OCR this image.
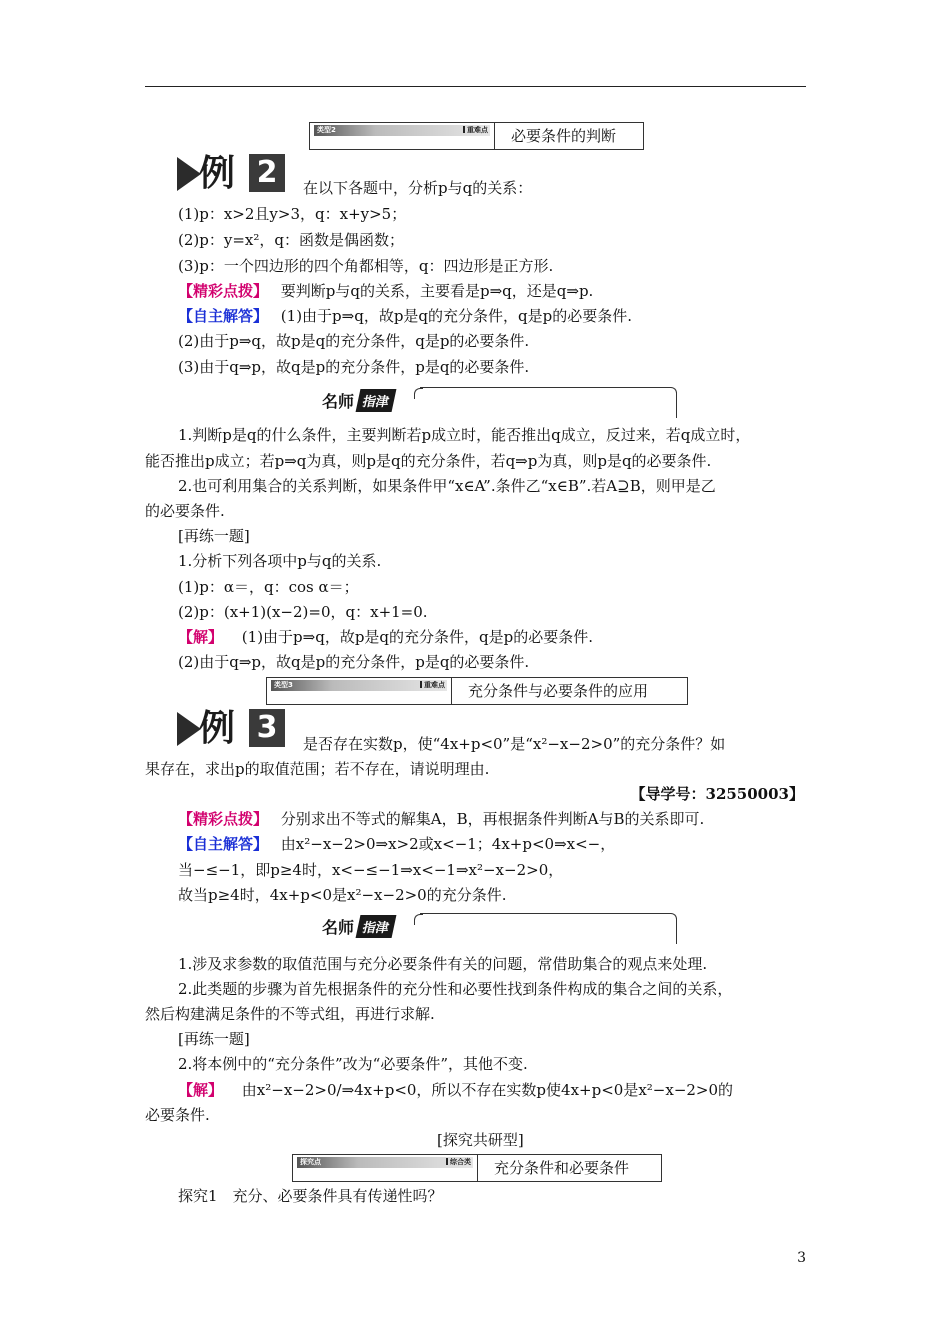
类型2	重难点	必要条件的判断
例 2	在以下各题中，分析p与q的关系：
(1)p：x>2且y>3，q：x+y>5；
(2)p：y=x²，q：函数是偶函数；
(3)p：一个四边形的四个角都相等，q：四边形是正方形.
【精彩点拨】 要判断p与q的关系，主要看是p⇒q，还是q⇒p.
【自主解答】 (1)由于p⇒q，故p是q的充分条件，q是p的必要条件.
(2)由于p⇒q，故p是q的充分条件，q是p的必要条件.
(3)由于q⇒p，故q是p的充分条件，p是q的必要条件.
名师 指津
1.判断p是q的什么条件，主要判断若p成立时，能否推出q成立，反过来，若q成立时，
能否推出p成立；若p⇒q为真，则p是q的充分条件，若q⇒p为真，则p是q的必要条件.
2.也可利用集合的关系判断，如果条件甲“x∈A”.条件乙“x∈B”.若A⊇B，则甲是乙
的必要条件.
[再练一题]
1.分析下列各项中p与q的关系.
(1)p：α＝，q：cos α＝；
(2)p：(x+1)(x−2)=0，q：x+1=0.
【解】 (1)由于p⇒q，故p是q的充分条件，q是p的必要条件.
(2)由于q⇒p，故q是p的充分条件，p是q的必要条件.
类型3	重难点	充分条件与必要条件的应用
例 3	是否存在实数p，使“4x+p<0”是“x²−x−2>0”的充分条件？如
果存在，求出p的取值范围；若不存在，请说明理由.
【导学号：32550003】
【精彩点拨】 分别求出不等式的解集A，B，再根据条件判断A与B的关系即可.
【自主解答】 由x²−x−2>0⇒x>2或x<−1；4x+p<0⇒x<−，
当−≤−1，即p≥4时，x<−≤−1⇒x<−1⇒x²−x−2>0，
故当p≥4时，4x+p<0是x²−x−2>0的充分条件.
名师 指津
1.涉及求参数的取值范围与充分必要条件有关的问题，常借助集合的观点来处理.
2.此类题的步骤为首先根据条件的充分性和必要性找到条件构成的集合之间的关系，
然后构建满足条件的不等式组，再进行求解.
[再练一题]
2.将本例中的“充分条件”改为“必要条件”，其他不变.
【解】 由x²−x−2>0/⇒4x+p<0，所以不存在实数p使4x+p<0是x²−x−2>0的
必要条件.
[探究共研型]
探究点	综合类	充分条件和必要条件
探究1　充分、必要条件具有传递性吗？
3
